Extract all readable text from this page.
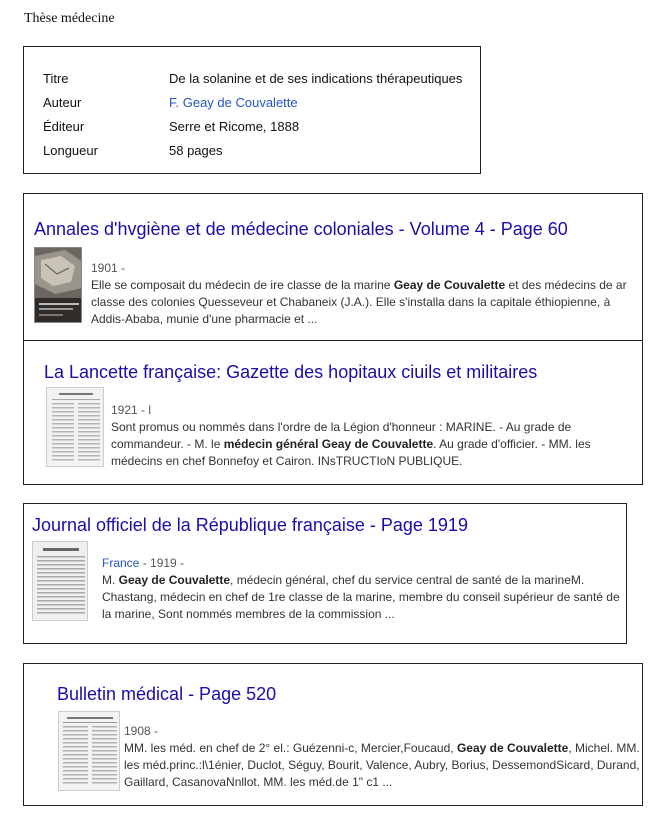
Thèse médecine
Titre	De la solanine et de ses indications thérapeutiques
Auteur	F. Geay de Couvalette
Éditeur	Serre et Ricome, 1888
Longueur	58 pages
Annales d'hvgiène et de médecine coloniales - Volume 4 - Page 60
1901 -
Elle se composait du médecin de ire classe de la marine Geay de Couvalette et des médecins de ar classe des colonies Quesseveur et Chabaneix (J.A.). Elle s'installa dans la capitale éthiopienne, à Addis-Ababa, munie d'une pharmacie et ...
La Lancette française: Gazette des hopitaux ciuils et militaires
1921 - l
Sont promus ou nommés dans l'ordre de la Légion d'honneur : MARINE. - Au grade de commandeur. - M. le médecin général Geay de Couvalette. Au grade d'officier. - MM. les médecins en chef Bonnefoy et Cairon. INsTRUCTIoN PUBLIQUE.
Journal officiel de la République française - Page 1919
France - 1919 -
M. Geay de Couvalette, médecin général, chef du service central de santé de la marineM. Chastang, médecin en chef de 1re classe de la marine, membre du conseil supérieur de santé de la marine, Sont nommés membres de la commission ...
Bulletin médical - Page 520
1908 -
MM. les méd. en chef de 2° el.: Guézenni-c, Mercier,Foucaud, Geay de Couvalette, Michel. MM. les méd.princ.:l\1énier, Duclot, Séguy, Bourit, Valence, Aubry, Borius, DessemondSicard, Durand, Gaillard, CasanovaNnllot. MM. les méd.de 1" c1 ...
